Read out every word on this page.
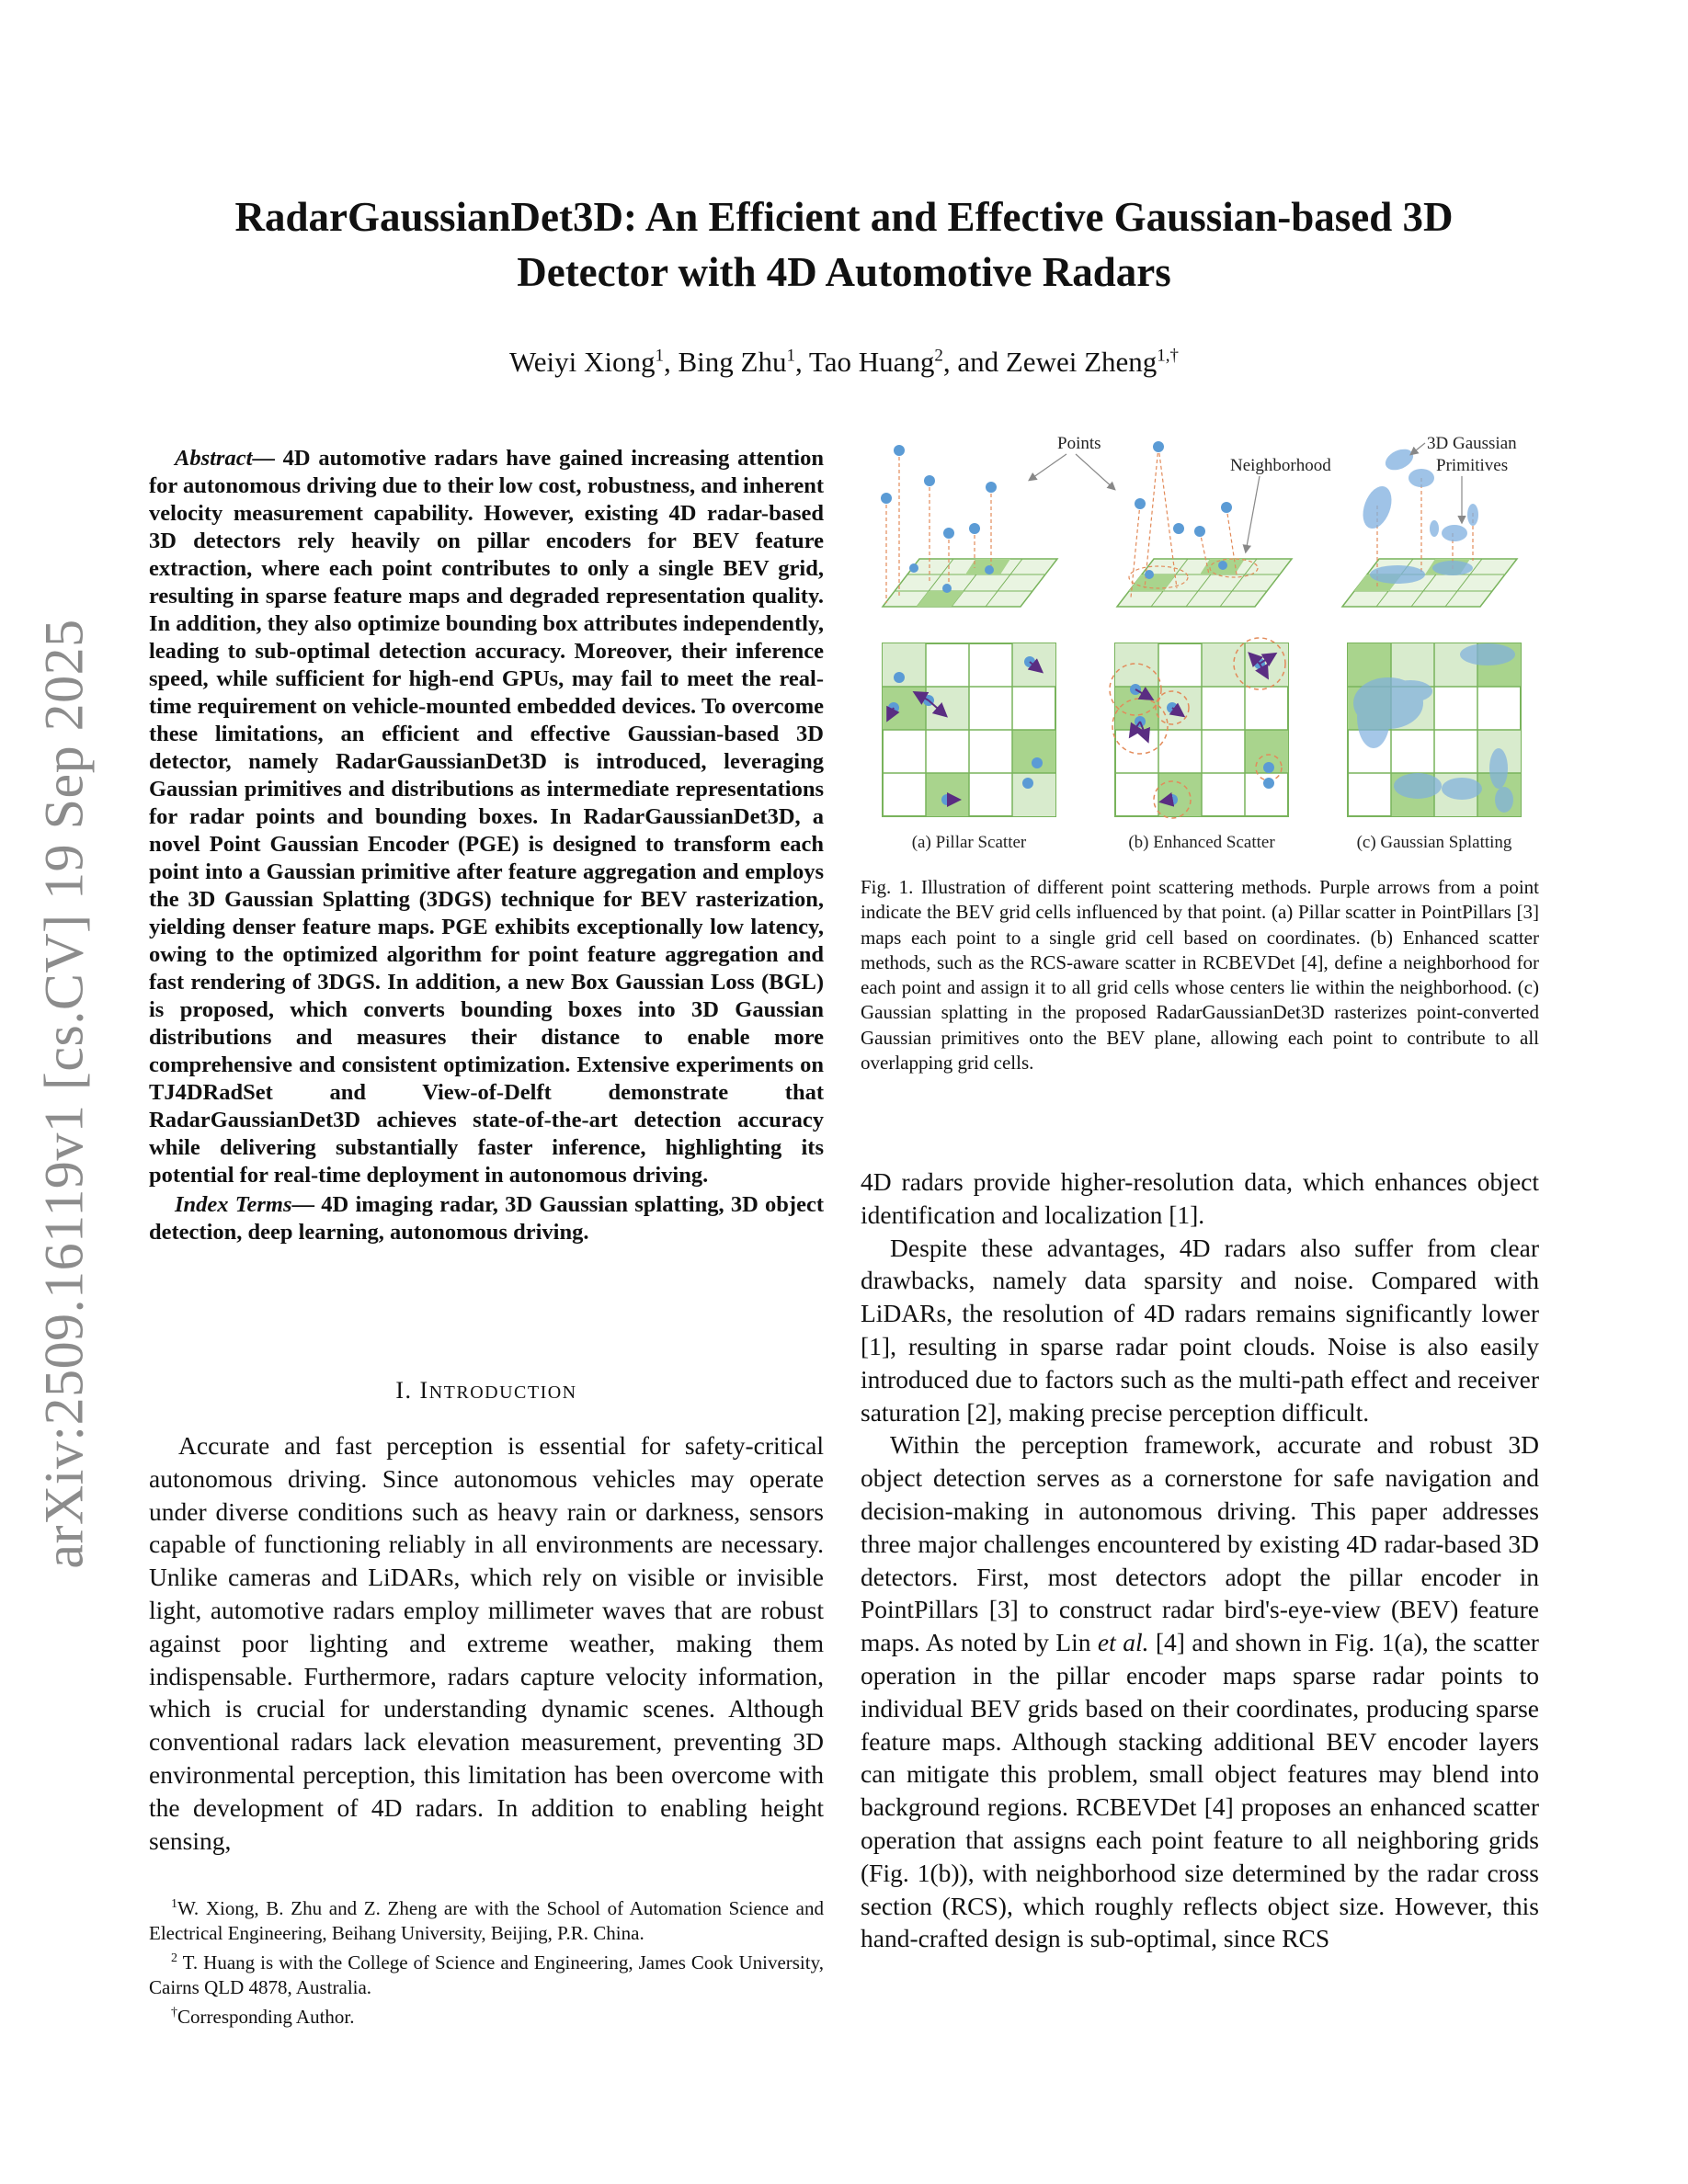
arXiv:2509.16119v1 [cs.CV] 19 Sep 2025
RadarGaussianDet3D: An Efficient and Effective Gaussian-based 3D
Detector with 4D Automotive Radars
Weiyi Xiong$^1$, Bing Zhu$^1$, Tao Huang$^2$, and Zewei Zheng$^{1,\dagger}$

Abstract— 4D automotive radars have gained increasing attention for autonomous driving due to their low cost, robustness, and inherent velocity measurement capability. However, existing 4D radar-based 3D detectors rely heavily on pillar encoders for BEV feature extraction, where each point contributes to only a single BEV grid, resulting in sparse feature maps and degraded representation quality. In addition, they also optimize bounding box attributes independently, leading to sub-optimal detection accuracy. Moreover, their inference speed, while sufficient for high-end GPUs, may fail to meet the real-time requirement on vehicle-mounted embedded devices. To overcome these limitations, an efficient and effective Gaussian-based 3D detector, namely RadarGaussianDet3D is introduced, leveraging Gaussian primitives and distributions as intermediate representations for radar points and bounding boxes. In RadarGaussianDet3D, a novel Point Gaussian Encoder (PGE) is designed to transform each point into a Gaussian primitive after feature aggregation and employs the 3D Gaussian Splatting (3DGS) technique for BEV rasterization, yielding denser feature maps. PGE exhibits exceptionally low latency, owing to the optimized algorithm for point feature aggregation and fast rendering of 3DGS. In addition, a new Box Gaussian Loss (BGL) is proposed, which converts bounding boxes into 3D Gaussian distributions and measures their distance to enable more comprehensive and consistent optimization. Extensive experiments on TJ4DRadSet and View-of-Delft demonstrate that RadarGaussianDet3D achieves state-of-the-art detection accuracy while delivering substantially faster inference, highlighting its potential for real-time deployment in autonomous driving.

Index Terms— 4D imaging radar, 3D Gaussian splatting, 3D object detection, deep learning, autonomous driving.

I. INTRODUCTION

Accurate and fast perception is essential for safety-critical autonomous driving. Since autonomous vehicles may operate under diverse conditions such as heavy rain or darkness, sensors capable of functioning reliably in all environments are necessary. Unlike cameras and LiDARs, which rely on visible or invisible light, automotive radars employ millimeter waves that are robust against poor lighting and extreme weather, making them indispensable. Furthermore, radars capture velocity information, which is crucial for understanding dynamic scenes. Although conventional radars lack elevation measurement, preventing 3D environmental perception, this limitation has been overcome with the development of 4D radars. In addition to enabling height sensing,

$^1$W. Xiong, B. Zhu and Z. Zheng are with the School of Automation Science and Electrical Engineering, Beihang University, Beijing, P.R. China.

$^2$ T. Huang is with the College of Science and Engineering, James Cook University, Cairns QLD 4878, Australia.

†Corresponding Author.

Points
Neighborhood
3D Gaussian
Primitives
(a) Pillar Scatter	(b) Enhanced Scatter	(c) Gaussian Splatting
Fig. 1. Illustration of different point scattering methods. Purple arrows from a point indicate the BEV grid cells influenced by that point. (a) Pillar scatter in PointPillars [3] maps each point to a single grid cell based on coordinates. (b) Enhanced scatter methods, such as the RCS-aware scatter in RCBEVDet [4], define a neighborhood for each point and assign it to all grid cells whose centers lie within the neighborhood. (c) Gaussian splatting in the proposed RadarGaussianDet3D rasterizes point-converted Gaussian primitives onto the BEV plane, allowing each point to contribute to all overlapping grid cells.

4D radars provide higher-resolution data, which enhances object identification and localization [1].

Despite these advantages, 4D radars also suffer from clear drawbacks, namely data sparsity and noise. Compared with LiDARs, the resolution of 4D radars remains significantly lower [1], resulting in sparse radar point clouds. Noise is also easily introduced due to factors such as the multi-path effect and receiver saturation [2], making precise perception difficult.

Within the perception framework, accurate and robust 3D object detection serves as a cornerstone for safe navigation and decision-making in autonomous driving. This paper addresses three major challenges encountered by existing 4D radar-based 3D detectors. First, most detectors adopt the pillar encoder in PointPillars [3] to construct radar bird's-eye-view (BEV) feature maps. As noted by Lin et al. [4] and shown in Fig. 1(a), the scatter operation in the pillar encoder maps sparse radar points to individual BEV grids based on their coordinates, producing sparse feature maps. Although stacking additional BEV encoder layers can mitigate this problem, small object features may blend into background regions. RCBEVDet [4] proposes an enhanced scatter operation that assigns each point feature to all neighboring grids (Fig. 1(b)), with neighborhood size determined by the radar cross section (RCS), which roughly reflects object size. However, this hand-crafted design is sub-optimal, since RCS
